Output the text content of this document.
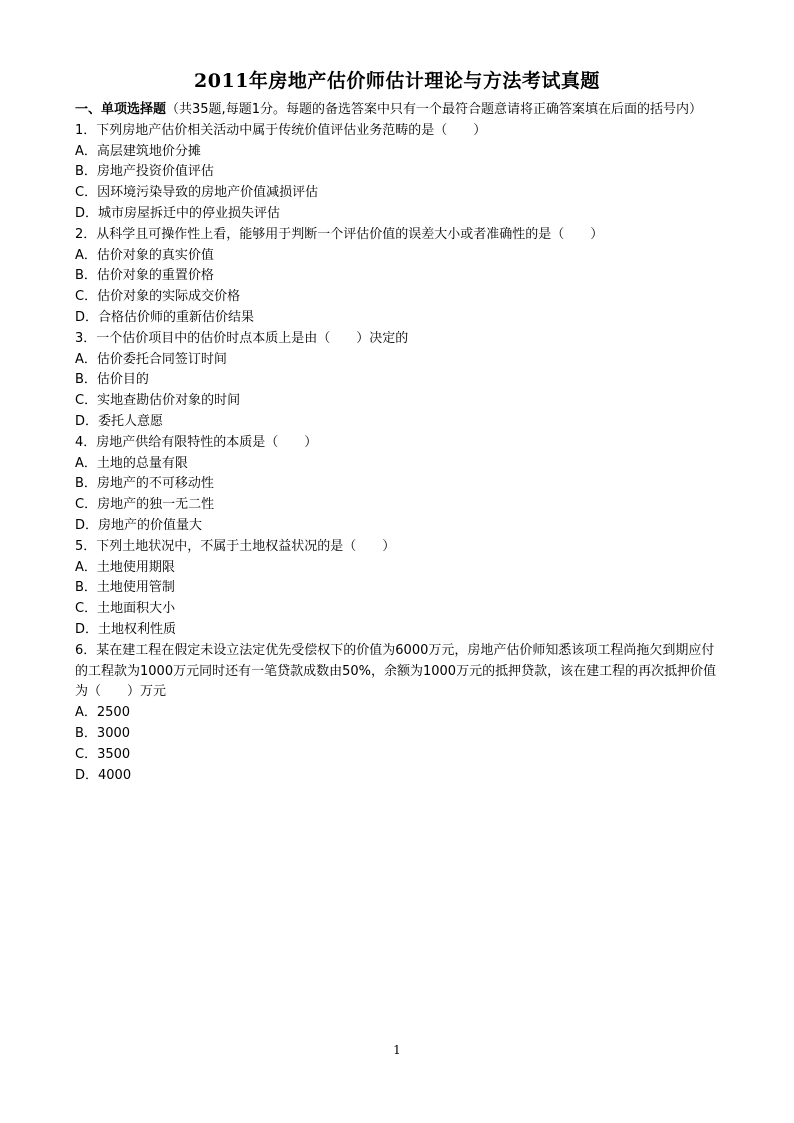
2011年房地产估价师估计理论与方法考试真题

一、单项选择题（共35题,每题1分。每题的备选答案中只有一个最符合题意请将正确答案填在后面的括号内）

1．下列房地产估价相关活动中属于传统价值评估业务范畴的是（　　）

A．高层建筑地价分摊

B．房地产投资价值评估

C．因环境污染导致的房地产价值减损评估

D．城市房屋拆迁中的停业损失评估

2．从科学且可操作性上看，能够用于判断一个评估价值的误差大小或者准确性的是（　　）

A．估价对象的真实价值

B．估价对象的重置价格

C．估价对象的实际成交价格

D．合格估价师的重新估价结果

3．一个估价项目中的估价时点本质上是由（　　）决定的

A．估价委托合同签订时间

B．估价目的

C．实地查勘估价对象的时间

D．委托人意愿

4．房地产供给有限特性的本质是（　　）

A．土地的总量有限

B．房地产的不可移动性

C．房地产的独一无二性

D．房地产的价值量大

5．下列土地状况中，不属于土地权益状况的是（　　）

A．土地使用期限

B．土地使用管制

C．土地面积大小

D．土地权利性质

6．某在建工程在假定未设立法定优先受偿权下的价值为6000万元，房地产估价师知悉该项工程尚拖欠到期应付的工程款为1000万元同时还有一笔贷款成数由50%，余额为1000万元的抵押贷款，该在建工程的再次抵押价值为（　　）万元

A．2500

B．3000

C．3500

D．4000

1
